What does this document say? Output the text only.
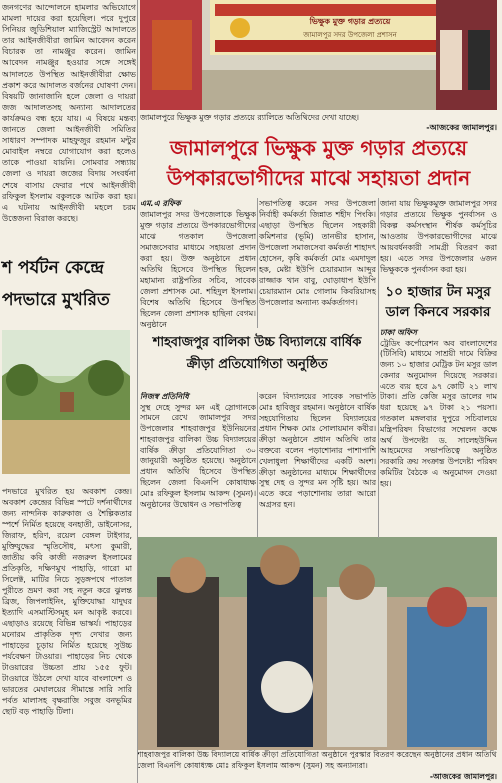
জনগণের আন্দোলনে হামলার অভিযোগে মামলা দায়ের করা হয়েছিল। পরে দুপুরে সিনিয়র জুডিশিয়াল ম্যাজিস্ট্রেট আদালতে তার আইনজীবীরা জামিন আবেদন করেন বিচারক তা নামঞ্জুর করেন। জামিন আবেদন নামঞ্জুর হওয়ার সঙ্গে সঙ্গেই আদালতে উপস্থিত আইনজীবীরা ক্ষোভ প্রকাশ করে আদালত বর্জনের ঘোষণা দেন। বিষয়টি জানাজানি হলে জেলা ও দায়রা জজ আদালতসহ অন্যান্য আদালতের কার্যক্রমও বন্ধ হয়ে যায়। এ বিষয়ে মন্তব্য জানতে জেলা আইনজীবী সমিতির সাধারণ সম্পাদক মাহফুজুর রহমান মন্টুর মোবাইল নম্বরে যোগাযোগ করা হলেও তাকে পাওয়া যায়নি। সোমবার সন্ধ্যায় জেলা ও দায়রা জজের বিদায় সংবর্ধনা শেষে বাসায় ফেরার পথে আইনজীবী রফিকুল ইসলাম বকুলকে আটক করা হয়। এ ঘটনায় আইনজীবী মহলে চরম উত্তেজনা বিরাজ করছে।
ভিক্ষুক মুক্ত গড়ার প্রত্যয়ে
জামালপুর সদর উপজেলা প্রশাসন
জামালপুরে ভিক্ষুক মুক্ত গড়ার প্রত্যয়ে র‌্যালিতে অতিথিদের দেখা যাচ্ছে।
-আজকের জামালপুর।
জামালপুরে ভিক্ষুক মুক্ত গড়ার প্রত্যয়ে
উপকারভোগীদের মাঝে সহায়তা প্রদান
শ পর্যটন কেন্দ্রে
পদভারে মুখরিত
পদভারে মুখরিত হয় অবকাশ কেন্দ্র। অবকাশ কেন্দ্রের বিভিন্ন স্পটে দর্শনার্থীদের জন্য নান্দনিক কারুকাজ ও শৈল্পিকতার স্পর্শে নির্মিত হয়েছে বনহাতী, ডাইনোসর, জিরাফ, হরিণ, রয়েল বেঙ্গল টাইগার, মুক্তিযুদ্ধের স্মৃতিসৌধ, মৎস্য কুমারী, জাতীয় কবি কাজী নজরুল ইসলামের প্রতিকৃতি, দক্ষিণমুখ পাহাড়ি, গারো মা সিলেক্ট, মাটির নিচে সুড়ঙ্গপথে পাতাল পুরীতে ভ্রমণ করা সহ নতুন করে ঝুলন্ত ব্রিজ, জিপলাইনিং, মুক্তিযোদ্ধা যাদুঘর ইত্যাদি এসমাস্টিসমূহ মন আকৃষ্ট করবে। এছাড়াও রয়েছে বিভিন্ন ভাস্কর্য। পাহাড়ের মনোরম প্রাকৃতিক দৃশ্য দেখার জন্য পাহাড়ের চূড়ায় নির্মিত হয়েছে সুউচ্চ পর্যবেক্ষণ টাওয়ার। পাহাড়ের নিচ থেকে টাওয়ারের উচ্চতা প্রায় ১৫৫ ফুট। টাওয়ারে উঠলে দেখা যাবে বাংলাদেশ ও ভারতের মেঘালয়ের সীমান্তে সারি সারি পর্বত মালাসহ বৃক্ষরাজি সবুজ বনভূমির ছোট বড় পাহাড়ি টিলা।
এম.এ রফিক
জামালপুর সদর উপজেলাকে ভিক্ষুক মুক্ত গড়ার প্রত্যয়ে উপকারভোগীদের মাঝে গতকাল উপজেলা সমাজসেবার মাধ্যমে সহায়তা প্রদান করা হয়। উক্ত অনুষ্ঠানে প্রধান অতিথি হিসেবে উপস্থিত ছিলেন মহামান্য রাষ্ট্রপতির সচিব, সাবেক জেলা প্রশাসক মো. শহিদুল ইসলাম। বিশেষ অতিথি হিসেবে উপস্থিত ছিলেন জেলা প্রশাসক হাছিনা বেগম। অনুষ্ঠানে
সভাপতিত্ব করেন সদর উপজেলা নির্বাহী কর্মকর্তা জিন্নাত শহীদ পিংকি। এছাড়া উপস্থিত ছিলেন সহকারী কমিশনার (ভূমি) তানভীর হাসান, উপজেলা সমাজসেবা কর্মকর্তা শাহাদৎ হোসেন, কৃষি কর্মকর্তা মোঃ এমদাদুল হক, মেষ্টা ইউপি চেয়ারম্যান আব্দুর রাজ্জাক খান বাবু, ঘোড়াধাপ ইউপি চেয়ারম্যান মোঃ গোলাম কিবরিয়াসহ উপজেলার অন্যান্য কর্মকর্তাগণ।
জানা যায় ভিক্ষুকমুক্ত জামালপুর সদর গড়ার প্রত্যয়ে ভিক্ষুক পুনর্বাসন ও বিকল্প কর্মসংস্থান শীর্ষক কর্মসূচির আওতায় উপকারভোগীদের মাঝে আয়বর্ধনকারী সামগ্রী বিতরণ করা হয়। এতে সদর উপজেলার ৬জন ভিক্ষুককে পুনর্বাসন করা হয়।
১০ হাজার টন মসুর
ডাল কিনবে সরকার
ঢাকা অফিস
ট্রেডিং কর্পোরেশন অব বাংলাদেশের (টিসিবি) মাধ্যমে সাশ্রয়ী দামে বিক্রির জন্য ১০ হাজার মেট্রিক টন মসুর ডাল কেনার অনুমোদন দিয়েছে সরকার। এতে ব্যয় হবে ৯৭ কোটি ২১ লাখ টাকা। প্রতি কেজি মসুর ডালের দাম ধরা হয়েছে ৯৭ টাকা ২১ পয়সা। গতকাল মঙ্গলবার দুপুরে সচিবালয়ে মন্ত্রিপরিষদ বিভাগের সম্মেলন কক্ষে অর্থ উপদেষ্টা ড. সালেহউদ্দিন আহমেদের সভাপতিত্বে অনুষ্ঠিত সরকারি ক্রয় সংক্রান্ত উপদেষ্টা পরিষদ কমিটির বৈঠকে এ অনুমোদন দেওয়া হয়।
শাহবাজপুর বালিকা উচ্চ বিদ্যালয়ে বার্ষিক
ক্রীড়া প্রতিযোগিতা অনুষ্ঠিত
নিজস্ব প্রতিনিধি
সুস্থ দেহে সুন্দর মন এই স্লোগানকে সামনে রেখে জামালপুর সদর উপজেলার শাহবাজপুর ইউনিয়নের শাহবাজপুর বালিকা উচ্চ বিদ্যালয়ের বার্ষিক ক্রীড়া প্রতিযোগিতা ৩০ জানুয়ারী অনুষ্ঠিত হয়েছে। অনুষ্ঠানে প্রধান অতিথি হিসেবে উপস্থিত ছিলেন জেলা বিএনপি কোষাধ্যক্ষ মোঃ রফিকুল ইসলাম আকন্দ (সুমন)। অনুষ্ঠানের উদ্বোধন ও সভাপতিত্ব
করেন বিদ্যালয়ের সাবেক সভাপতি মোঃ হাবিজুর রহমান। অনুষ্ঠানে বার্ষিক সহযোগিতায় ছিলেন বিদ্যালয়ের প্রধান শিক্ষক মোঃ সোলায়মান কবীর। ক্রীড়া অনুষ্ঠানে প্রধান অতিথি তার বক্তব্যে বলেন পড়াশোনার পাশাপাশি খেলাধুলা শিক্ষার্থীদের একটি অংশ। ক্রীড়া অনুষ্ঠানের মাধ্যমে শিক্ষার্থীদের সুস্থ দেহ ও সুন্দর মন সৃষ্টি হয়। আর এতে করে পড়াশোনায় তারা আরো অগ্রসর হন।
শাহবাজপুর বালিকা উচ্চ বিদ্যালয়ে বার্ষিক ক্রীড়া প্রতিযোগিতা অনুষ্ঠানে পুরস্কার বিতরণ করেছেন অনুষ্ঠানের প্রধান অতিথি জেলা বিএনপি কোষাধ্যক্ষ মোঃ রফিকুল ইসলাম আকন্দ (সুমন) সহ অন্যান্যরা।
-আজকের জামালপুর।
